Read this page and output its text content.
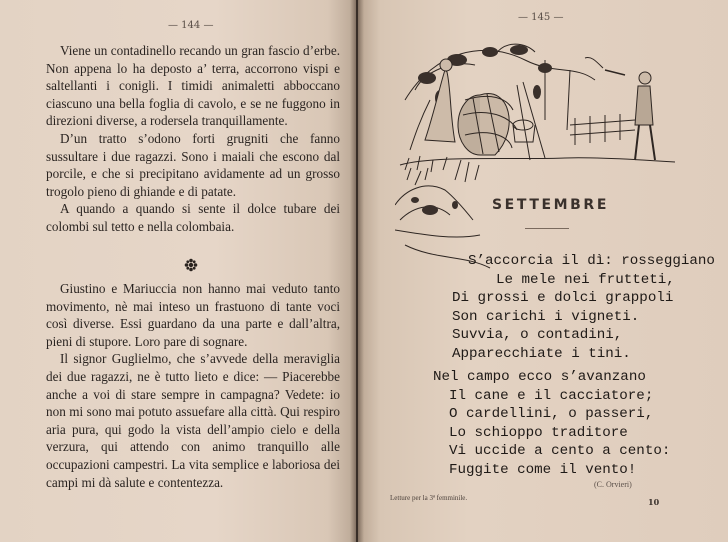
— 144 —

Viene un contadinello recando un gran fascio d’erbe. Non appena lo ha deposto a’ terra, accorrono vispi e saltellanti i conigli. I timidi animaletti abboccano ciascuno una bella foglia di cavolo, e se ne fuggono in direzioni diverse, a rodersela tranquillamente.

D’un tratto s’odono forti grugniti che fanno sussultare i due ragazzi. Sono i maiali che escono dal porcile, e che si precipitano avidamente ad un grosso trogolo pieno di ghiande e di patate.

A quando a quando si sente il dolce tubare dei colombi sul tetto e nella colombaia.

Giustino e Mariuccia non hanno mai veduto tanto movimento, nè mai inteso un frastuono di tante voci così diverse. Essi guardano da una parte e dall’altra, pieni di stupore. Loro pare di sognare.

Il signor Guglielmo, che s’avvede della meraviglia dei due ragazzi, ne è tutto lieto e dice: — Piacerebbe anche a voi di stare sempre in campagna? Vedete: io non mi sono mai potuto assuefare alla città. Qui respiro aria pura, qui godo la vista dell’ampio cielo e della verzura, qui attendo con animo tranquillo alle occupazioni campestri. La vita semplice e laboriosa dei campi mi dà salute e contentezza.

— 145 —
SETTEMBRE
S’accorcia il dì: rosseggiano
Le mele nei frutteti,
Di grossi e dolci grappoli
Son carichi i vigneti.
Suvvia, o contadini,
Apparecchiate i tini.
Nel campo ecco s’avanzano
Il cane e il cacciatore;
O cardellini, o passeri,
Lo schioppo traditore
Vi uccide a cento a cento:
Fuggite come il vento!
(C. Orvieri)
Letture per la 3ª femminile.	10
